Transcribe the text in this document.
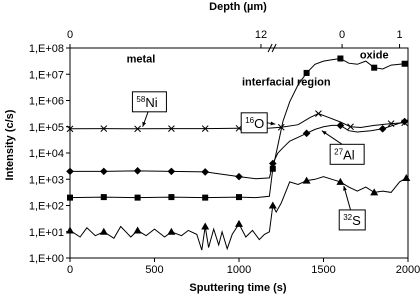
1,E+00
1,E+01
1,E+02
1,E+03
1,E+04
1,E+05
1,E+06
1,E+07
1,E+08
0	500	1000	1500	2000
0	12	0	1
metal
interfacial region
oxide
$^{58}_{Ni}$
$^{16}_O$
$^{27}_{Al}$
$^{32}_S$
Sputtering time (s)
Intensity (c/s)
Depth (µm)
